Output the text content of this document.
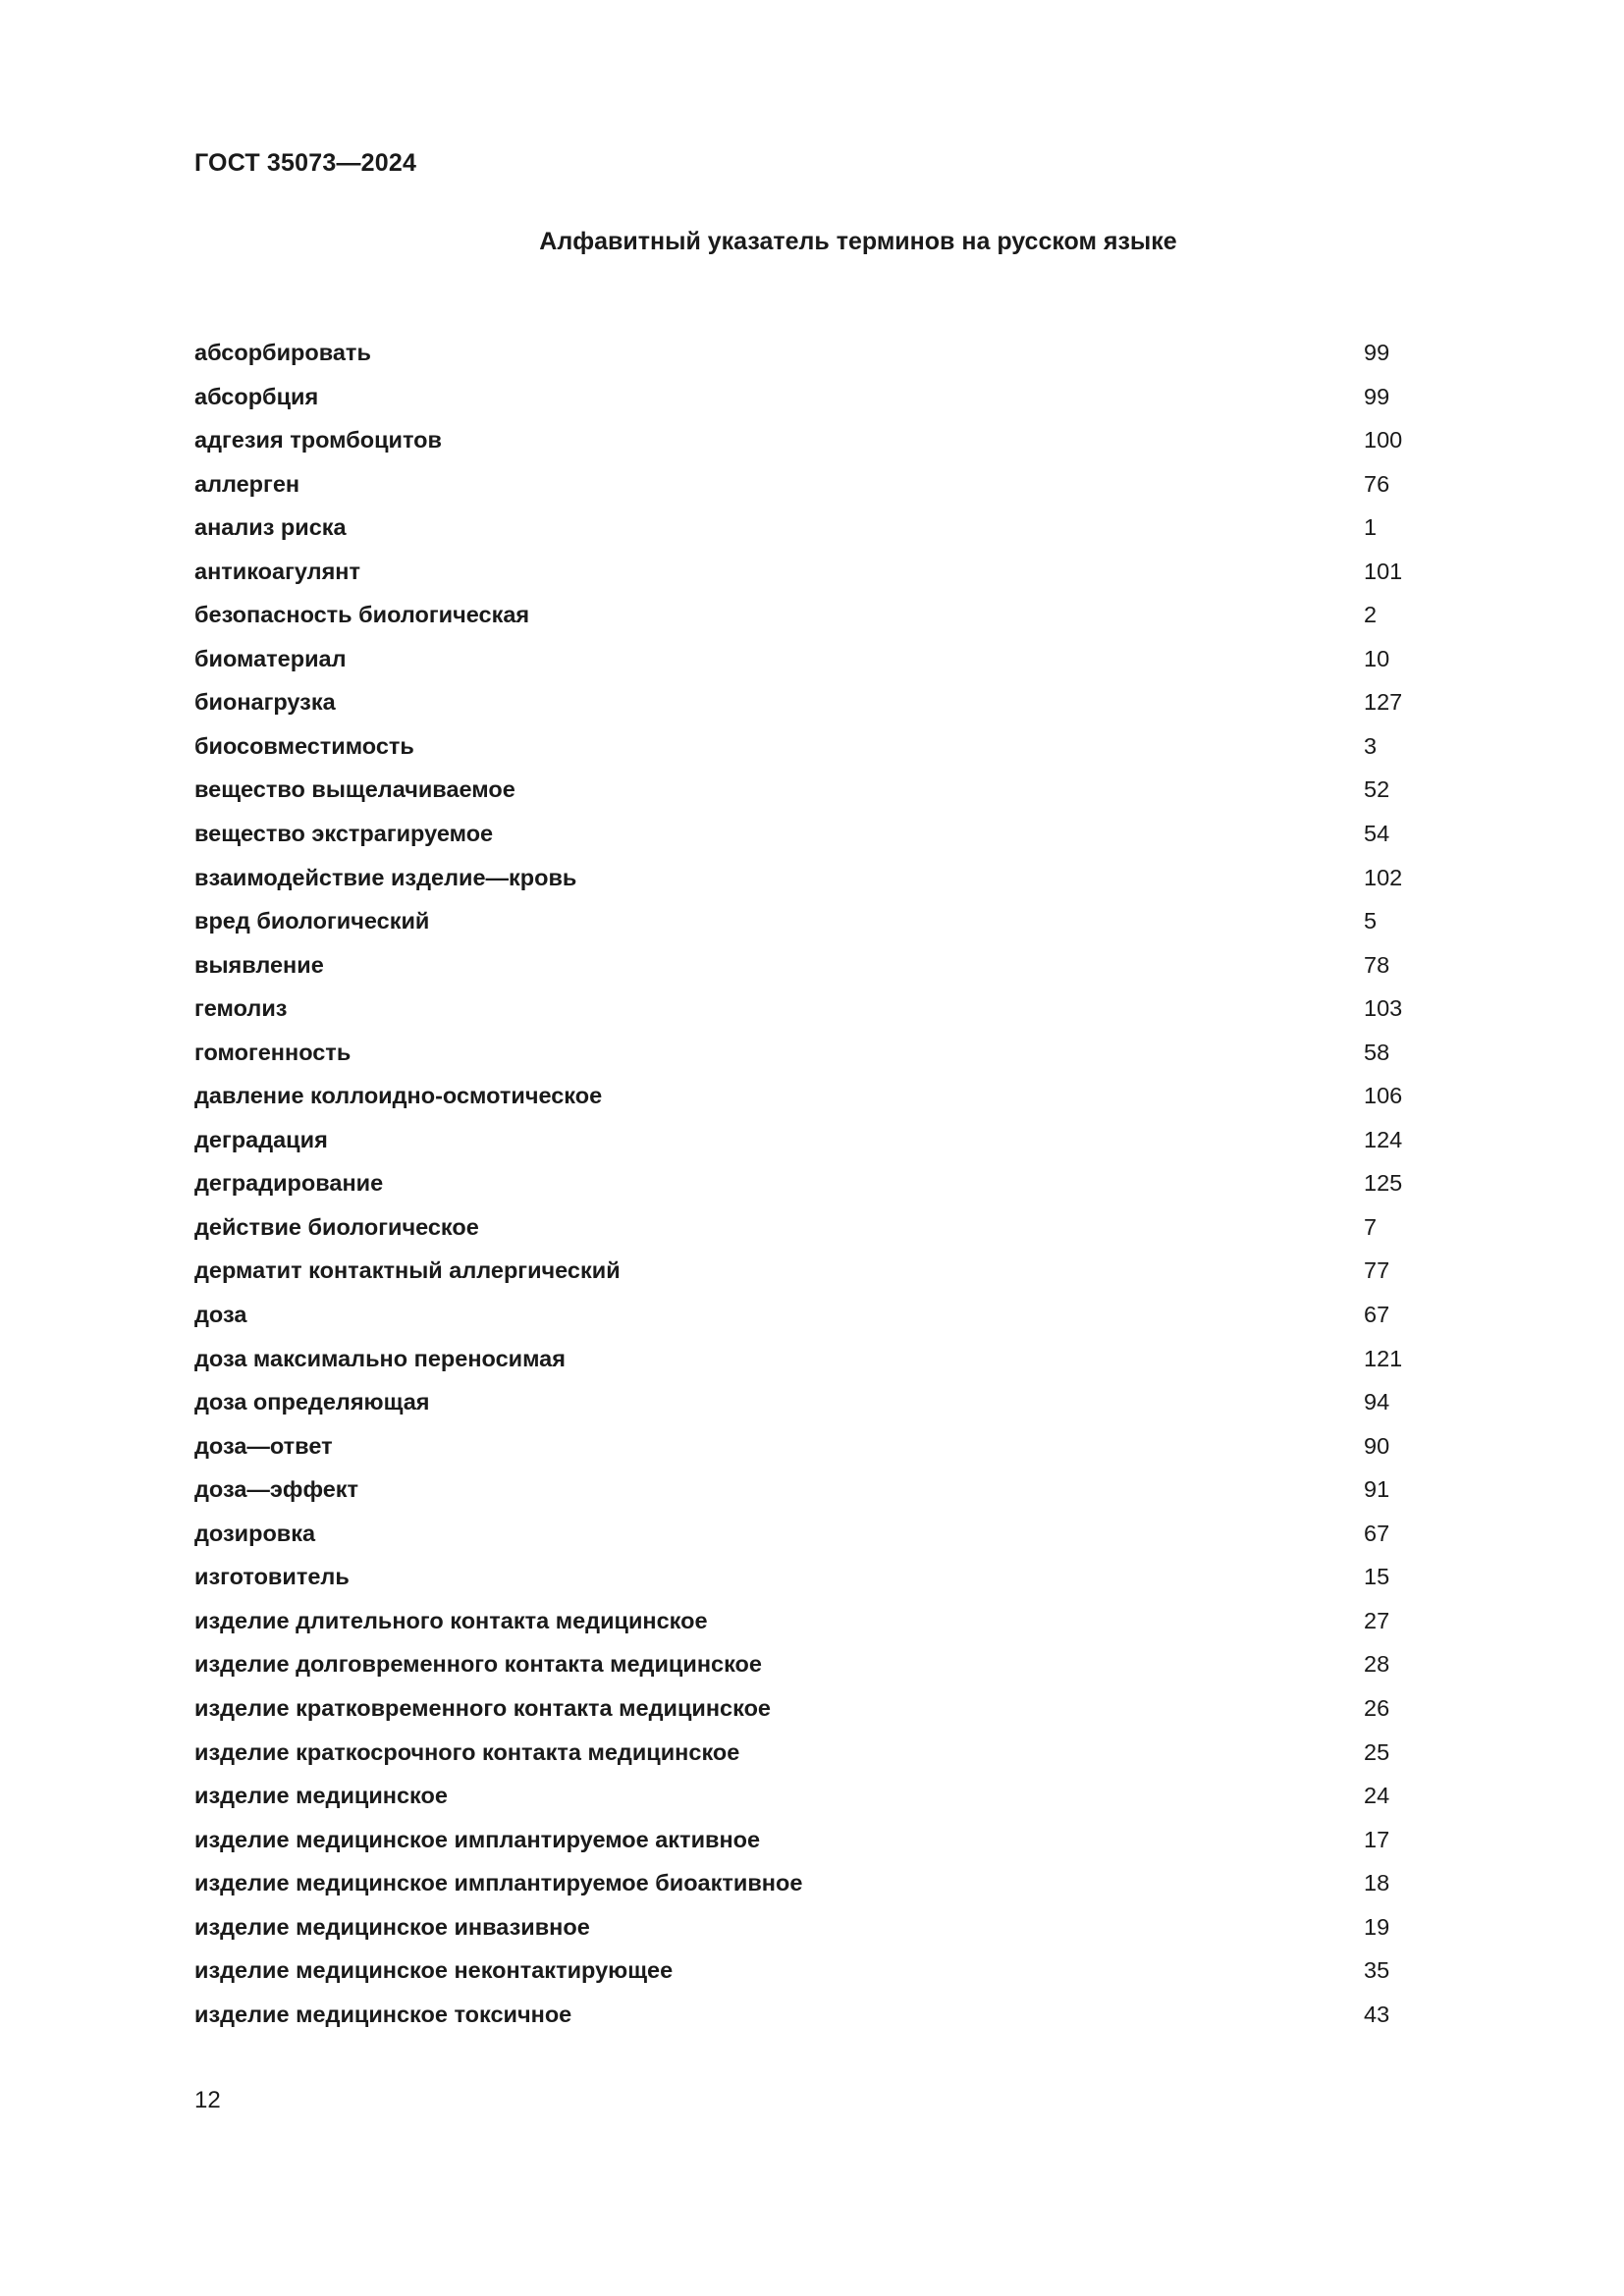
ГОСТ 35073—2024
Алфавитный указатель терминов на русском языке
абсорбировать	99
абсорбция	99
адгезия тромбоцитов	100
аллерген	76
анализ риска	1
антикоагулянт	101
безопасность биологическая	2
биоматериал	10
бионагрузка	127
биосовместимость	3
вещество выщелачиваемое	52
вещество экстрагируемое	54
взаимодействие изделие—кровь	102
вред биологический	5
выявление	78
гемолиз	103
гомогенность	58
давление коллоидно-осмотическое	106
деградация	124
деградирование	125
действие биологическое	7
дерматит контактный аллергический	77
доза	67
доза максимально переносимая	121
доза определяющая	94
доза—ответ	90
доза—эффект	91
дозировка	67
изготовитель	15
изделие длительного контакта медицинское	27
изделие долговременного контакта медицинское	28
изделие кратковременного контакта медицинское	26
изделие краткосрочного контакта медицинское	25
изделие медицинское	24
изделие медицинское имплантируемое активное	17
изделие медицинское имплантируемое биоактивное	18
изделие медицинское инвазивное	19
изделие медицинское неконтактирующее	35
изделие медицинское токсичное	43
12
